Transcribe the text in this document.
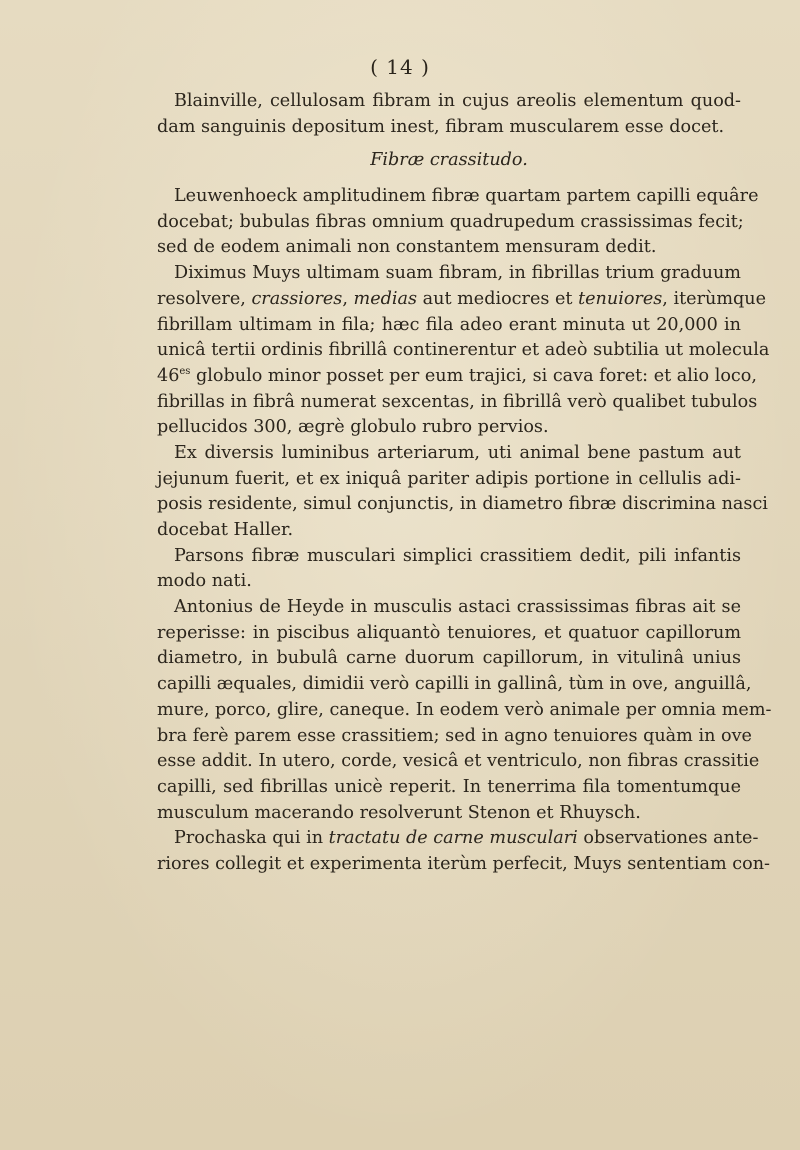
( 14 )
Blainville, cellulosam fibram in cujus areolis elementum quod-
dam sanguinis depositum inest, fibram muscularem esse docet.
Fibræ crassitudo.
Leuwenhoeck amplitudinem fibræ quartam partem capilli equâre
docebat; bubulas fibras omnium quadrupedum crassissimas fecit;
sed de eodem animali non constantem mensuram dedit.
Diximus Muys ultimam suam fibram, in fibrillas trium graduum
resolvere, crassiores, medias aut mediocres et tenuiores, iterùmque
fibrillam ultimam in fila; hæc fila adeo erant minuta ut 20,000 in
unicâ tertii ordinis fibrillâ continerentur et adeò subtilia ut molecula
$46^{es}$ globulo minor posset per eum trajici, si cava foret: et alio loco,
fibrillas in fibrâ numerat sexcentas, in fibrillâ verò qualibet tubulos
pellucidos 300, ægrè globulo rubro pervios.
Ex diversis luminibus arteriarum, uti animal bene pastum aut
jejunum fuerit, et ex iniquâ pariter adipis portione in cellulis adi-
posis residente, simul conjunctis, in diametro fibræ discrimina nasci
docebat Haller.
Parsons fibræ musculari simplici crassitiem dedit, pili infantis
modo nati.
Antonius de Heyde in musculis astaci crassissimas fibras ait se
reperisse: in piscibus aliquantò tenuiores, et quatuor capillorum
diametro, in bubulâ carne duorum capillorum, in vitulinâ unius
capilli æquales, dimidii verò capilli in gallinâ, tùm in ove, anguillâ,
mure, porco, glire, caneque. In eodem verò animale per omnia mem-
bra ferè parem esse crassitiem; sed in agno tenuiores quàm in ove
esse addit. In utero, corde, vesicâ et ventriculo, non fibras crassitie
capilli, sed fibrillas unicè reperit. In tenerrima fila tomentumque
musculum macerando resolverunt Stenon et Rhuysch.
Prochaska qui in tractatu de carne musculari observationes ante-
riores collegit et experimenta iterùm perfecit, Muys sententiam con-
